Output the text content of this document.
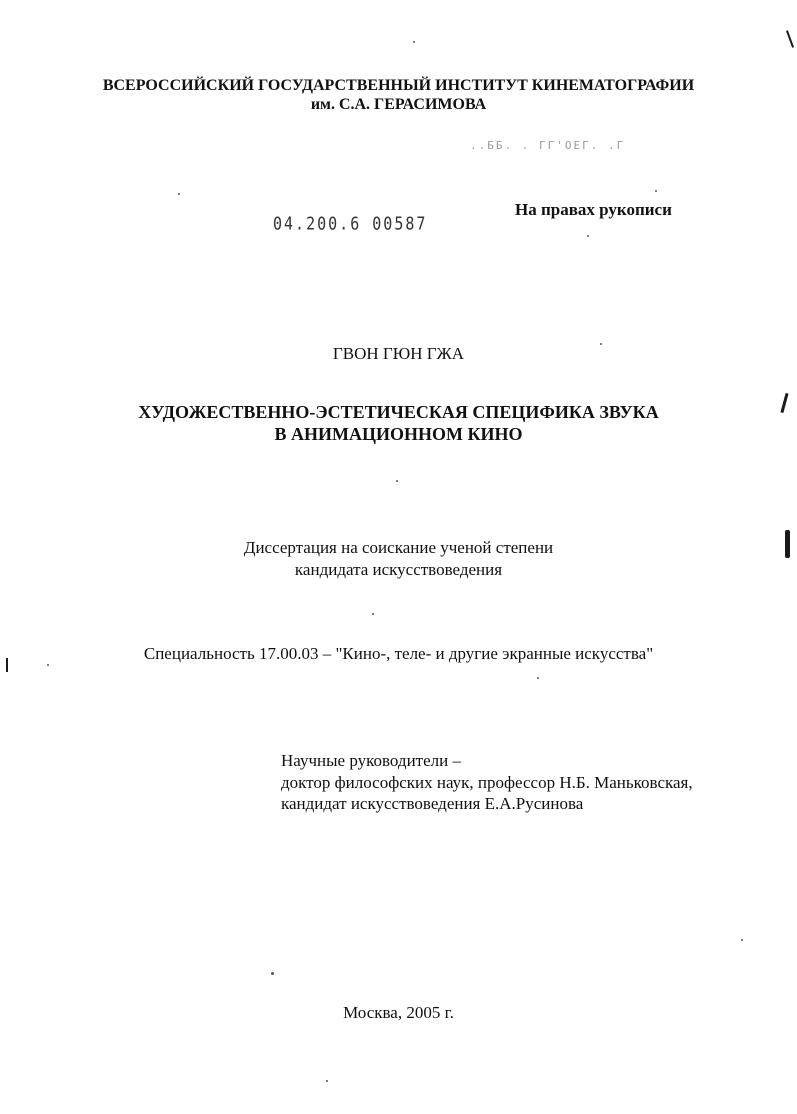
ВСЕРОССИЙСКИЙ ГОСУДАРСТВЕННЫЙ ИНСТИТУТ КИНЕМАТОГРАФИИ
им. С.А. ГЕРАСИМОВА
..ББ. . ГГ'ОЕГ. .Г
04.200.6 00587
На правах рукописи
ГВОН ГЮН ГЖА
ХУДОЖЕСТВЕННО-ЭСТЕТИЧЕСКАЯ СПЕЦИФИКА ЗВУКА
В АНИМАЦИОННОМ КИНО
Диссертация на соискание ученой степени
кандидата искусствоведения
Специальность 17.00.03 – "Кино-, теле- и другие экранные искусства"
Научные руководители –
доктор философских наук, профессор Н.Б. Маньковская,
кандидат искусствоведения Е.А.Русинова
Москва, 2005 г.
